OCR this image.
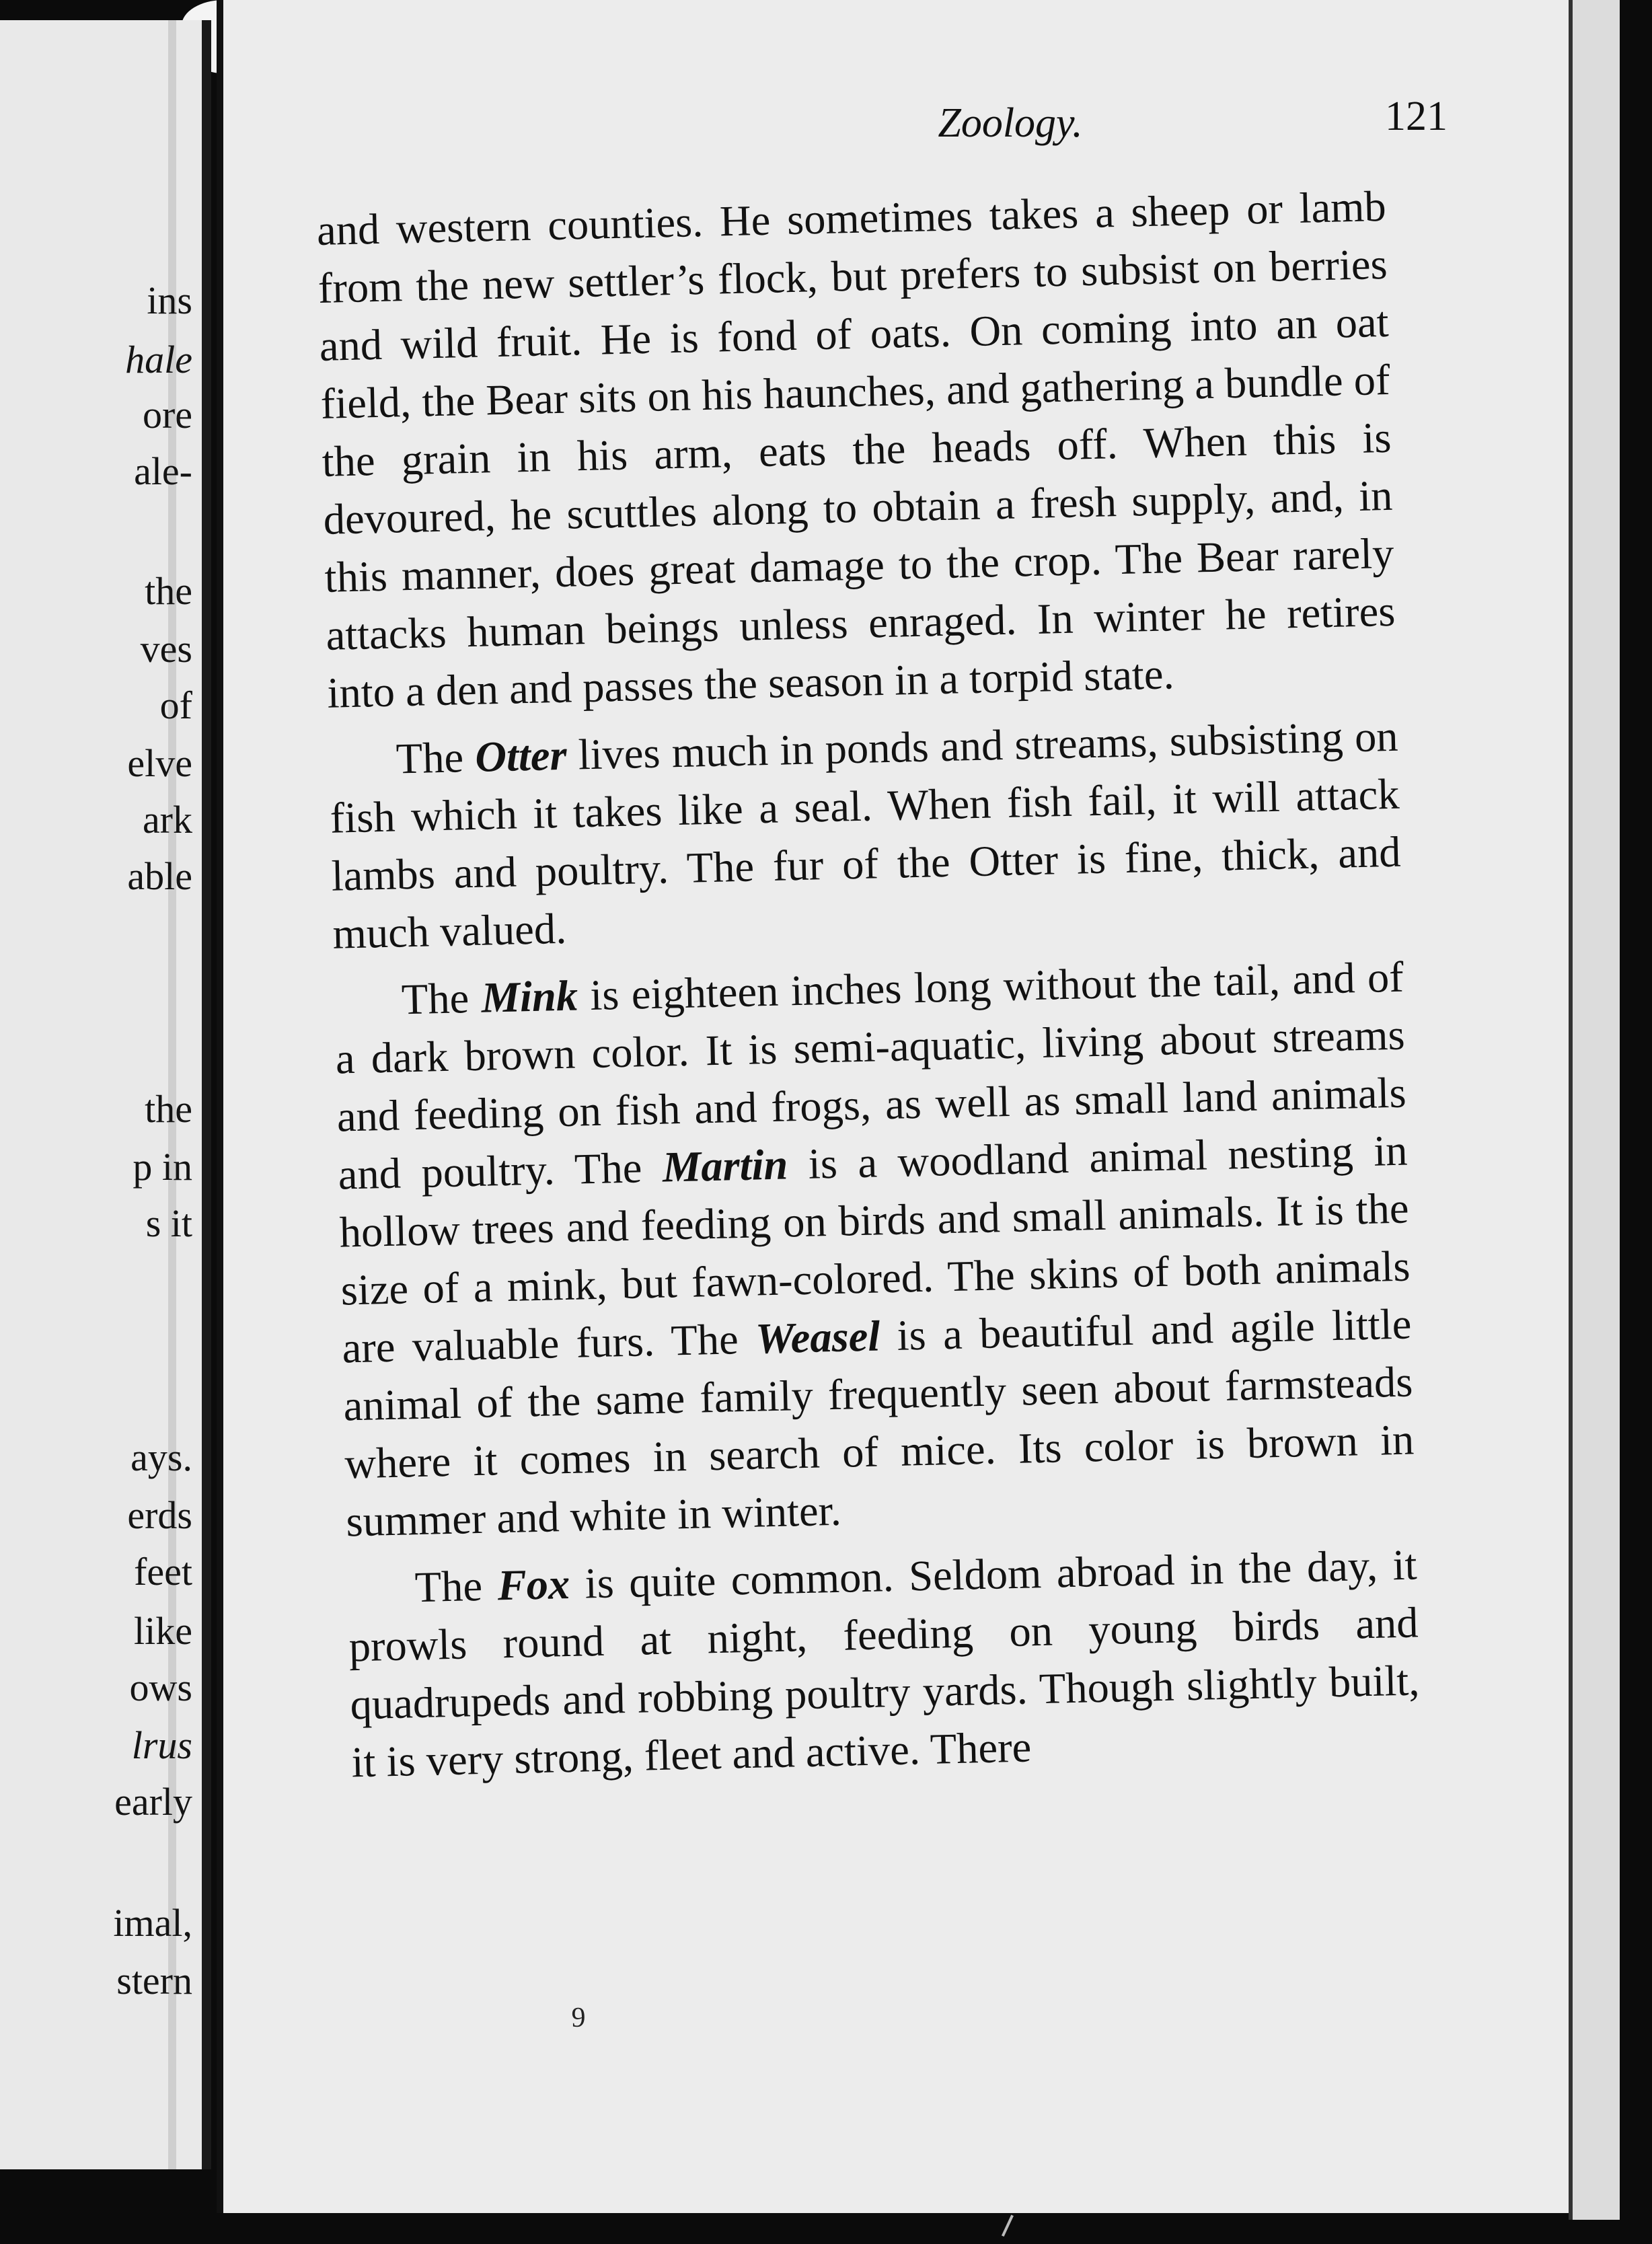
ins

hale

ore

ale-

the

ves

of

elve

ark

able

the

p in

s it

ays.

erds

feet

like

ows

lrus

early

imal,

stern

Zoology.	121

and western counties. He sometimes takes a sheep or lamb from the new settler’s flock, but prefers to subsist on berries and wild fruit. He is fond of oats. On coming into an oat field, the Bear sits on his haunches, and gathering a bundle of the grain in his arm, eats the heads off. When this is devoured, he scuttles along to obtain a fresh supply, and, in this manner, does great damage to the crop. The Bear rarely attacks human beings unless enraged. In winter he retires into a den and passes the season in a torpid state.

The Otter lives much in ponds and streams, subsisting on fish which it takes like a seal. When fish fail, it will attack lambs and poultry. The fur of the Otter is fine, thick, and much valued.

The Mink is eighteen inches long without the tail, and of a dark brown color. It is semi-aquatic, living about streams and feeding on fish and frogs, as well as small land animals and poultry. The Martin is a woodland animal nesting in hollow trees and feeding on birds and small animals. It is the size of a mink, but fawn-colored. The skins of both animals are valuable furs. The Weasel is a beautiful and agile little animal of the same family frequently seen about farmsteads where it comes in search of mice. Its color is brown in summer and white in winter.

The Fox is quite common. Seldom abroad in the day, it prowls round at night, feeding on young birds and quadrupeds and robbing poultry yards. Though slightly built, it is very strong, fleet and active. There

9
